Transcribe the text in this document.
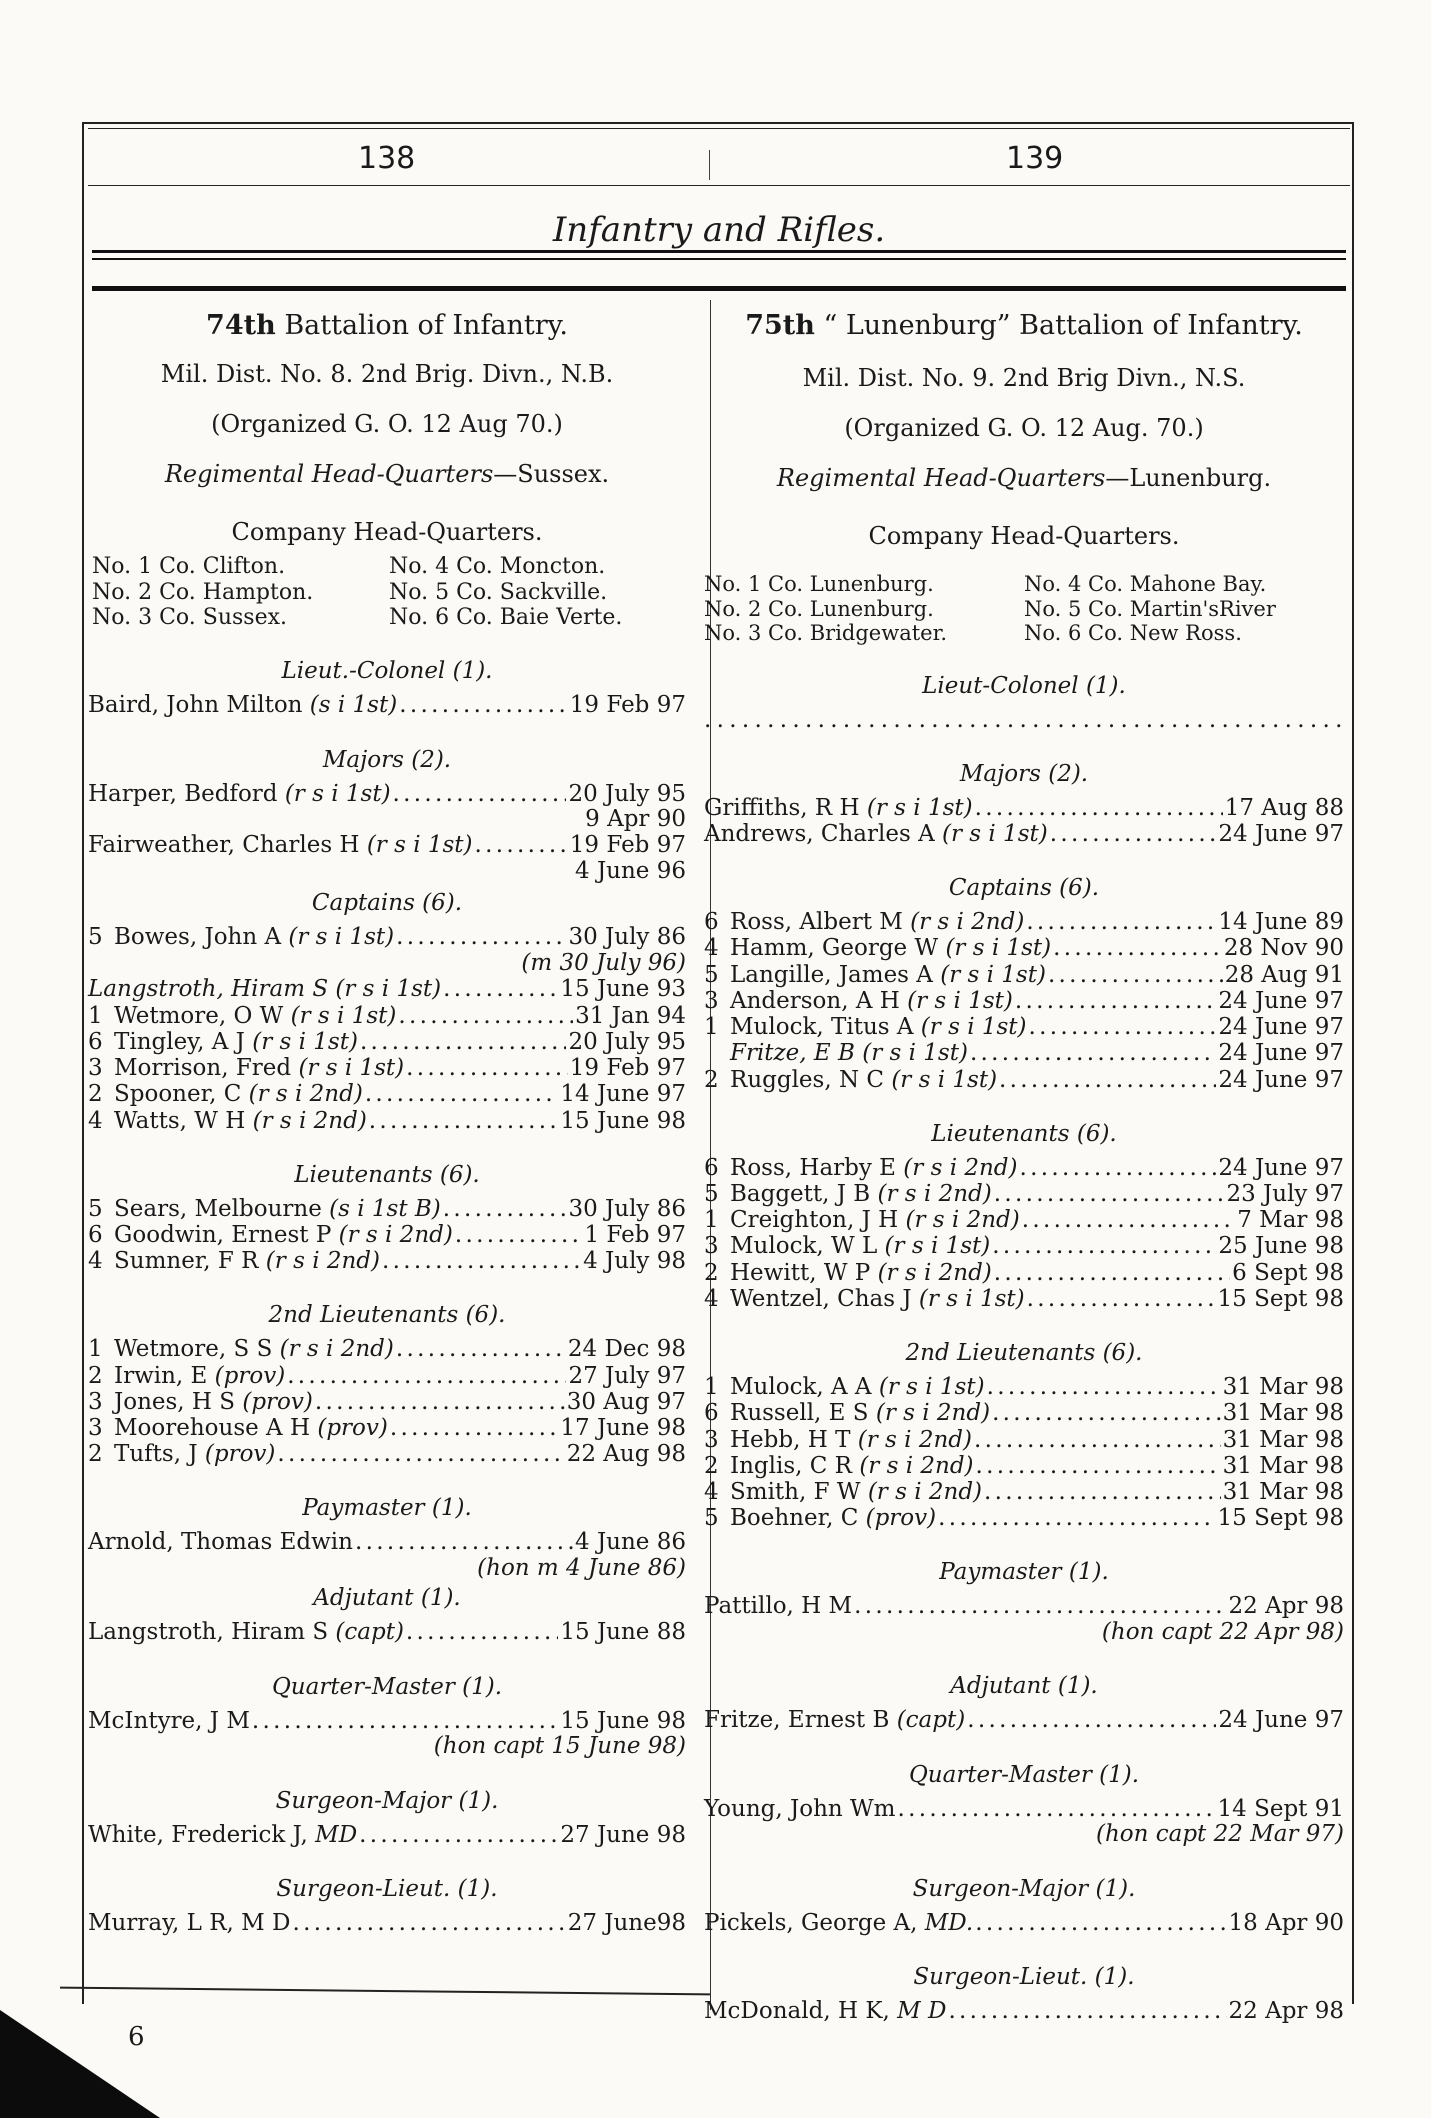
138	139
Infantry and Rifles.
74th Battalion of Infantry.
Mil. Dist. No. 8. 2nd Brig. Divn., N.B.
(Organized G. O. 12 Aug 70.)
Regimental Head-Quarters—Sussex.
Company Head-Quarters.
No. 1 Co. Clifton.	No. 4 Co. Moncton.
No. 2 Co. Hampton.	No. 5 Co. Sackville.
No. 3 Co. Sussex.	No. 6 Co. Baie Verte.
Lieut.-Colonel (1).
Baird, John Milton (s i 1st) . . .	19 Feb 97
Majors (2).
Harper, Bedford (r s i 1st) . . .	20 July 95
9 Apr 90
Fairweather, Charles H (r s i 1st) . . .	19 Feb 97
4 June 96
Captains (6).
5 Bowes, John A (r s i 1st) . . .	30 July 86
(m 30 July 96)
Langstroth, Hiram S (r s i 1st) . . .	15 June 93
1 Wetmore, O W (r s i 1st) . . .	31 Jan 94
6 Tingley, A J (r s i 1st) . . .	20 July 95
3 Morrison, Fred (r s i 1st) . . .	19 Feb 97
2 Spooner, C (r s i 2nd) . . .	14 June 97
4 Watts, W H (r s i 2nd) . . .	15 June 98
Lieutenants (6).
5 Sears, Melbourne (s i 1st B) . . .	30 July 86
6 Goodwin, Ernest P (r s i 2nd) . . .	1 Feb 97
4 Sumner, F R (r s i 2nd) . . .	4 July 98
2nd Lieutenants (6).
1 Wetmore, S S (r s i 2nd) . . .	24 Dec 98
2 Irwin, E (prov) . . .	27 July 97
3 Jones, H S (prov) . . .	30 Aug 97
3 Moorehouse A H (prov) . . .	17 June 98
2 Tufts, J (prov) . . .	22 Aug 98
Paymaster (1).
Arnold, Thomas Edwin . . .	4 June 86
(hon m 4 June 86)
Adjutant (1).
Langstroth, Hiram S (capt) . . .	15 June 88
Quarter-Master (1).
McIntyre, J M . . .	15 June 98
(hon capt 15 June 98)
Surgeon-Major (1).
White, Frederick J, MD . . .	27 June 98
Surgeon-Lieut. (1).
Murray, L R, M D . . .	27 June98
75th “ Lunenburg” Battalion of Infantry.
Mil. Dist. No. 9. 2nd Brig Divn., N.S.
(Organized G. O. 12 Aug. 70.)
Regimental Head-Quarters—Lunenburg.
Company Head-Quarters.
No. 1 Co. Lunenburg.	No. 4 Co. Mahone Bay.
No. 2 Co. Lunenburg.	No. 5 Co. Martin'sRiver
No. 3 Co. Bridgewater.	No. 6 Co. New Ross.
Lieut-Colonel (1).
. . .
Majors (2).
Griffiths, R H (r s i 1st) . . .	17 Aug 88
Andrews, Charles A (r s i 1st) . . .	24 June 97
Captains (6).
6 Ross, Albert M (r s i 2nd) . . .	14 June 89
4 Hamm, George W (r s i 1st) . . .	28 Nov 90
5 Langille, James A (r s i 1st) . . .	28 Aug 91
3 Anderson, A H (r s i 1st) . . .	24 June 97
1 Mulock, Titus A (r s i 1st) . . .	24 June 97
Fritze, E B (r s i 1st) . . .	24 June 97
2 Ruggles, N C (r s i 1st) . . .	24 June 97
Lieutenants (6).
6 Ross, Harby E (r s i 2nd) . . .	24 June 97
5 Baggett, J B (r s i 2nd) . . .	23 July 97
1 Creighton, J H (r s i 2nd) . . .	7 Mar 98
3 Mulock, W L (r s i 1st) . . .	25 June 98
2 Hewitt, W P (r s i 2nd) . . .	6 Sept 98
4 Wentzel, Chas J (r s i 1st) . . .	15 Sept 98
2nd Lieutenants (6).
1 Mulock, A A (r s i 1st) . . .	31 Mar 98
6 Russell, E S (r s i 2nd) . . .	31 Mar 98
3 Hebb, H T (r s i 2nd) . . .	31 Mar 98
2 Inglis, C R (r s i 2nd) . . .	31 Mar 98
4 Smith, F W (r s i 2nd) . . .	31 Mar 98
5 Boehner, C (prov) . . .	15 Sept 98
Paymaster (1).
Pattillo, H M . . .	22 Apr 98
(hon capt 22 Apr 98)
Adjutant (1).
Fritze, Ernest B (capt) . . .	24 June 97
Quarter-Master (1).
Young, John Wm . . .	14 Sept 91
(hon capt 22 Mar 97)
Surgeon-Major (1).
Pickels, George A, MD. . . .	18 Apr 90
Surgeon-Lieut. (1).
McDonald, H K, M D . . .	22 Apr 98
6
